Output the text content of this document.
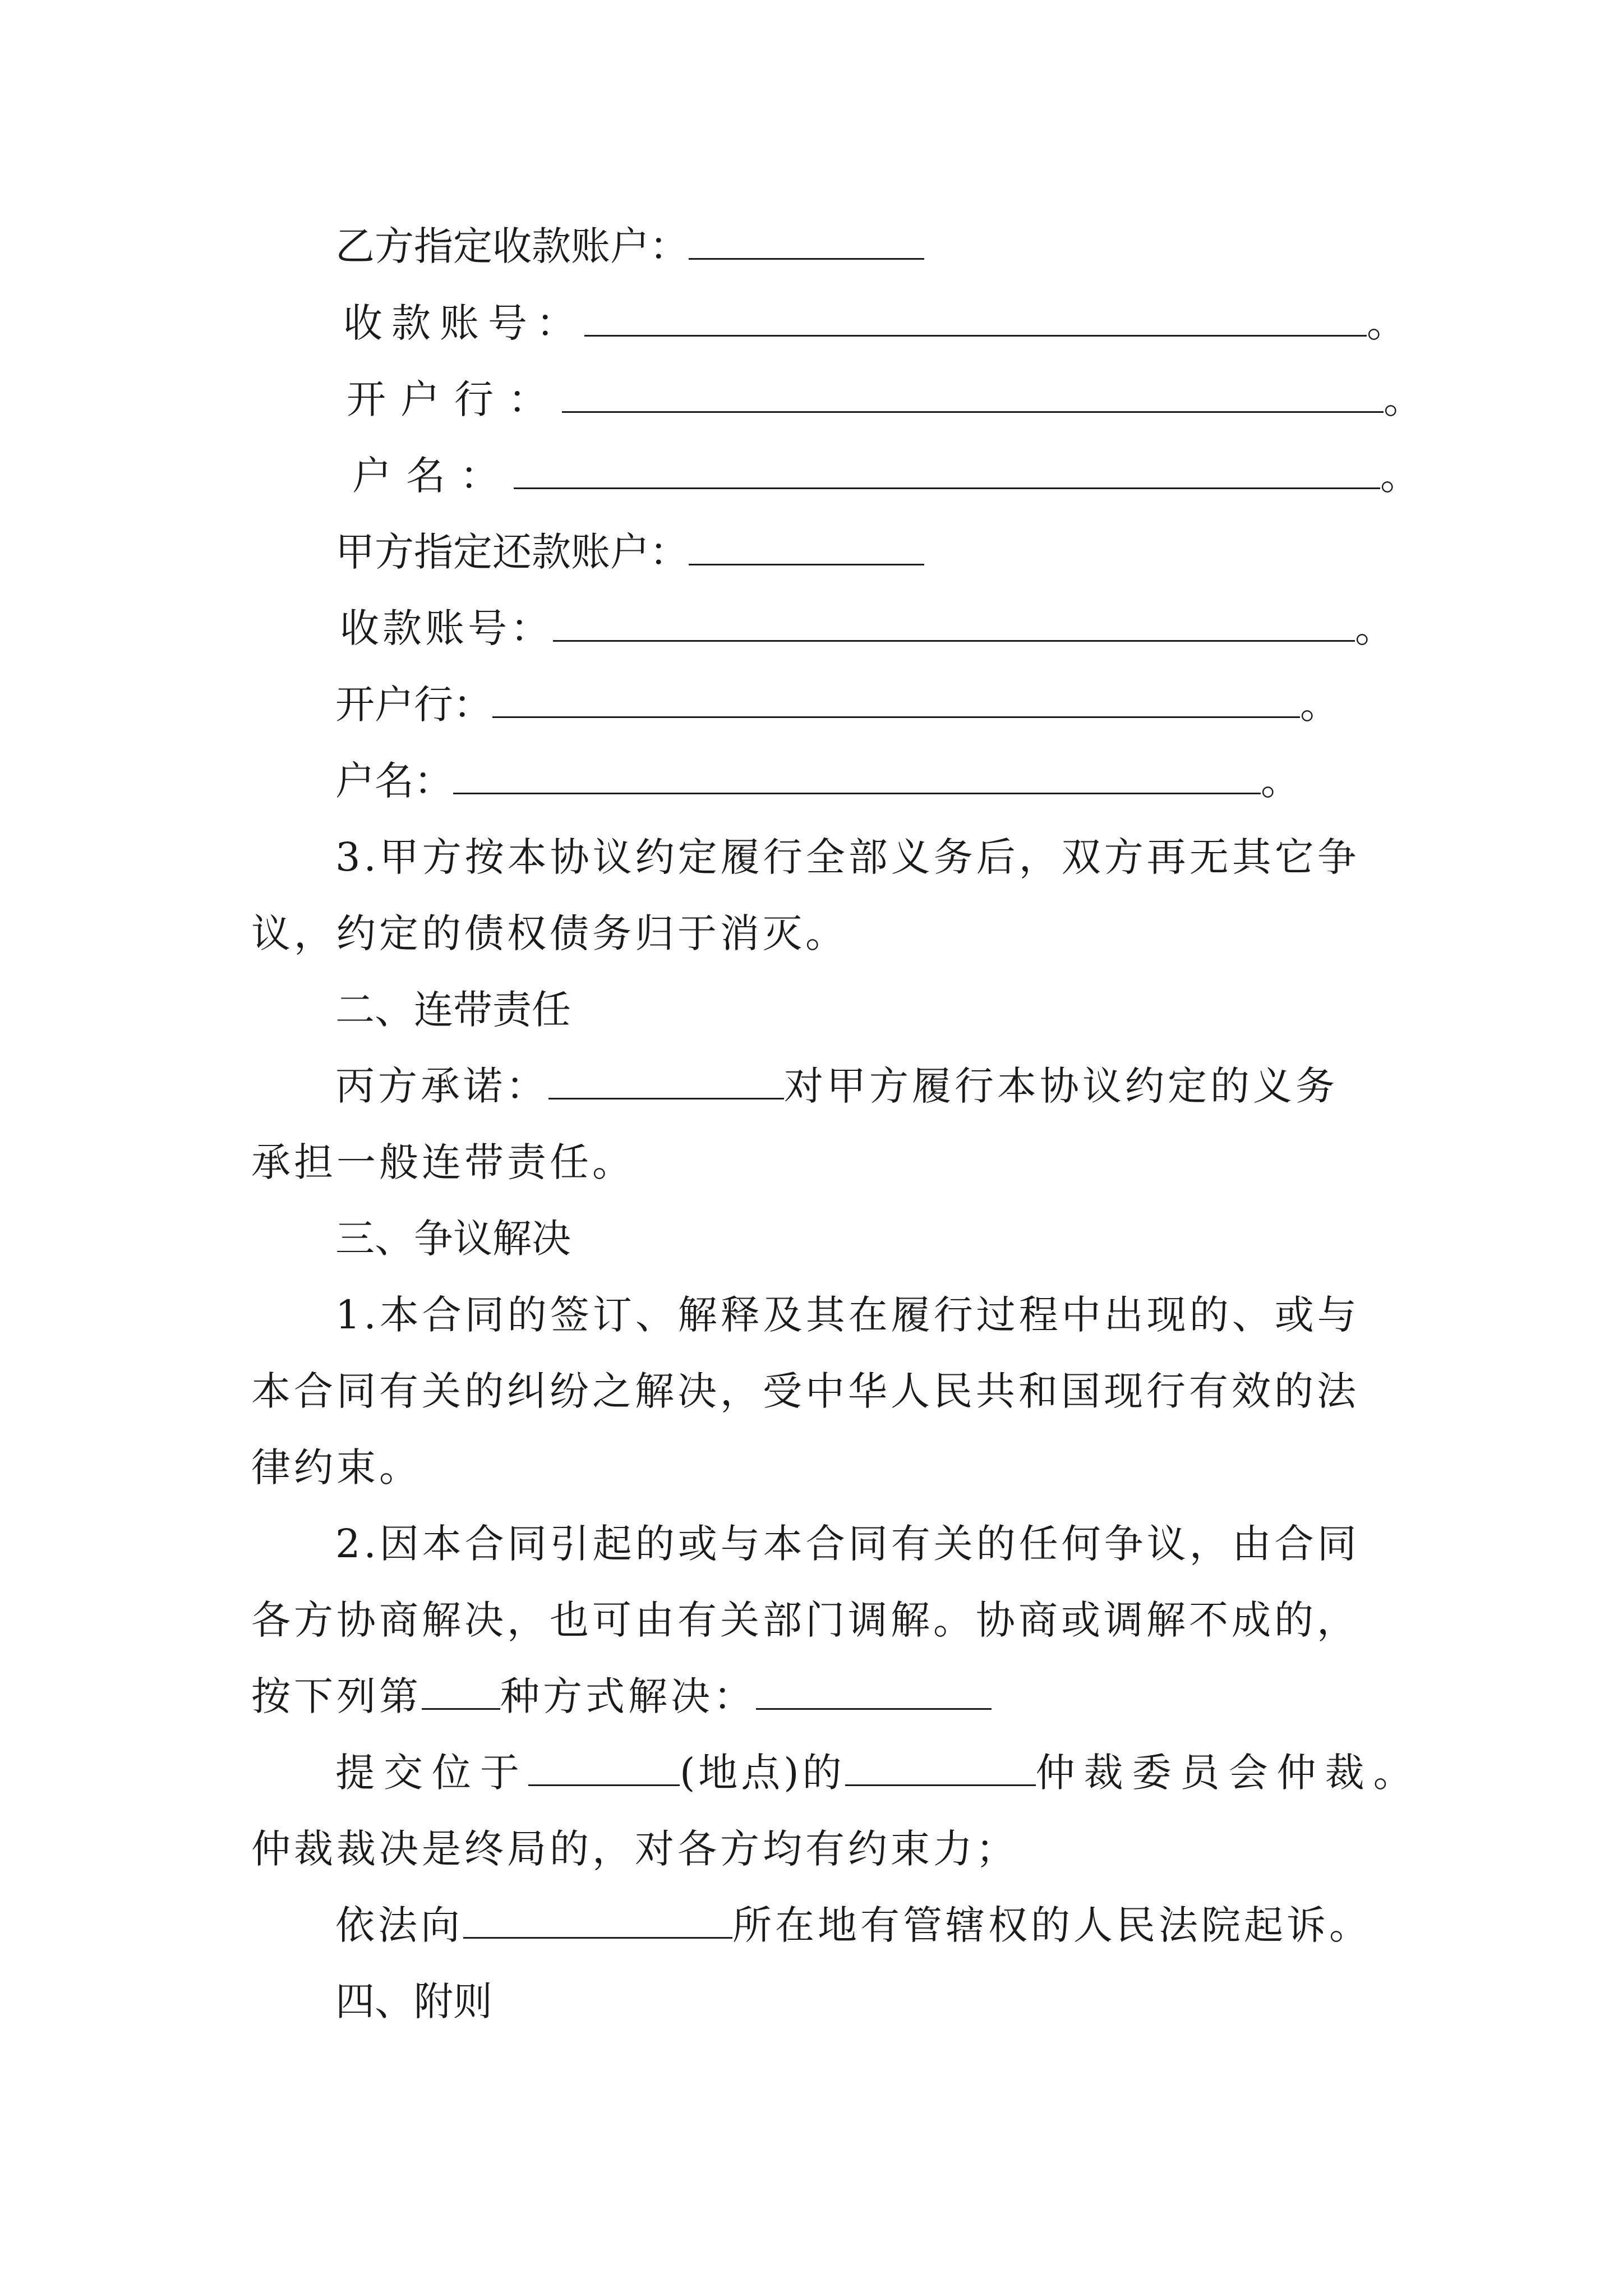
乙方指定收款账户：
收款账号：	。
开户行：	。
户名：	。
甲方指定还款账户：
收款账号：	。
开户行：	。
户名：	。
3.甲方按本协议约定履行全部义务后，双方再无其它争
议，约定的债权债务归于消灭。
二、连带责任
丙方承诺：	对甲方履行本协议约定的义务
承担一般连带责任。
三、争议解决
1.本合同的签订、解释及其在履行过程中出现的、或与
本合同有关的纠纷之解决，受中华人民共和国现行有效的法
律约束。
2.因本合同引起的或与本合同有关的任何争议，由合同
各方协商解决，也可由有关部门调解。协商或调解不成的，
按下列第 种方式解决：
提交位于	(地点)的	仲裁委员会仲裁。
仲裁裁决是终局的，对各方均有约束力；
依法向	所在地有管辖权的人民法院起诉。
四、附则
